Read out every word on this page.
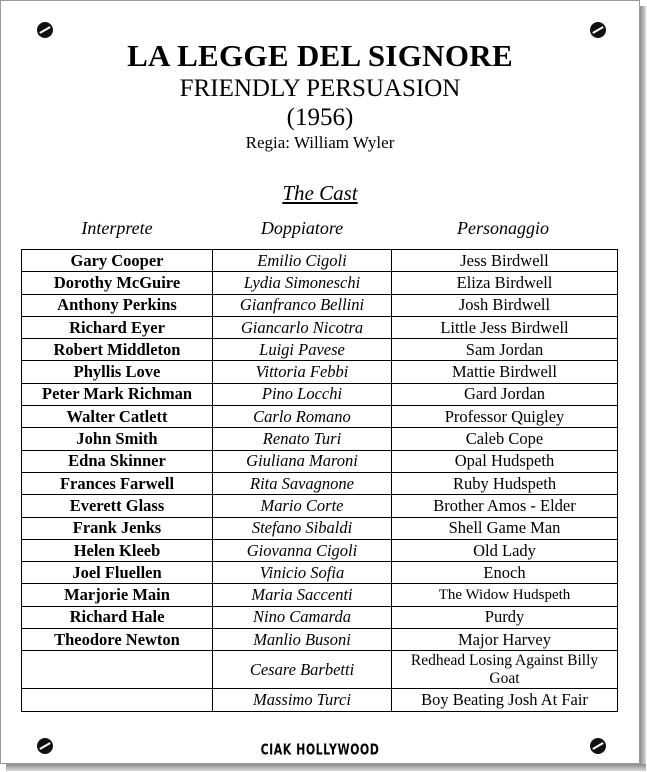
LA LEGGE DEL SIGNORE
FRIENDLY PERSUASION
(1956)
Regia: William Wyler
The Cast
Interprete	Doppiatore	Personaggio
Gary Cooper	Emilio Cigoli	Jess Birdwell
Dorothy McGuire	Lydia Simoneschi	Eliza Birdwell
Anthony Perkins	Gianfranco Bellini	Josh Birdwell
Richard Eyer	Giancarlo Nicotra	Little Jess Birdwell
Robert Middleton	Luigi Pavese	Sam Jordan
Phyllis Love	Vittoria Febbi	Mattie Birdwell
Peter Mark Richman	Pino Locchi	Gard Jordan
Walter Catlett	Carlo Romano	Professor Quigley
John Smith	Renato Turi	Caleb Cope
Edna Skinner	Giuliana Maroni	Opal Hudspeth
Frances Farwell	Rita Savagnone	Ruby Hudspeth
Everett Glass	Mario Corte	Brother Amos - Elder
Frank Jenks	Stefano Sibaldi	Shell Game Man
Helen Kleeb	Giovanna Cigoli	Old Lady
Joel Fluellen	Vinicio Sofia	Enoch
Marjorie Main	Maria Saccenti	The Widow Hudspeth
Richard Hale	Nino Camarda	Purdy
Theodore Newton	Manlio Busoni	Major Harvey
	Cesare Barbetti	Redhead Losing Against Billy Goat
	Massimo Turci	Boy Beating Josh At Fair
CIAK HOLLYWOOD
